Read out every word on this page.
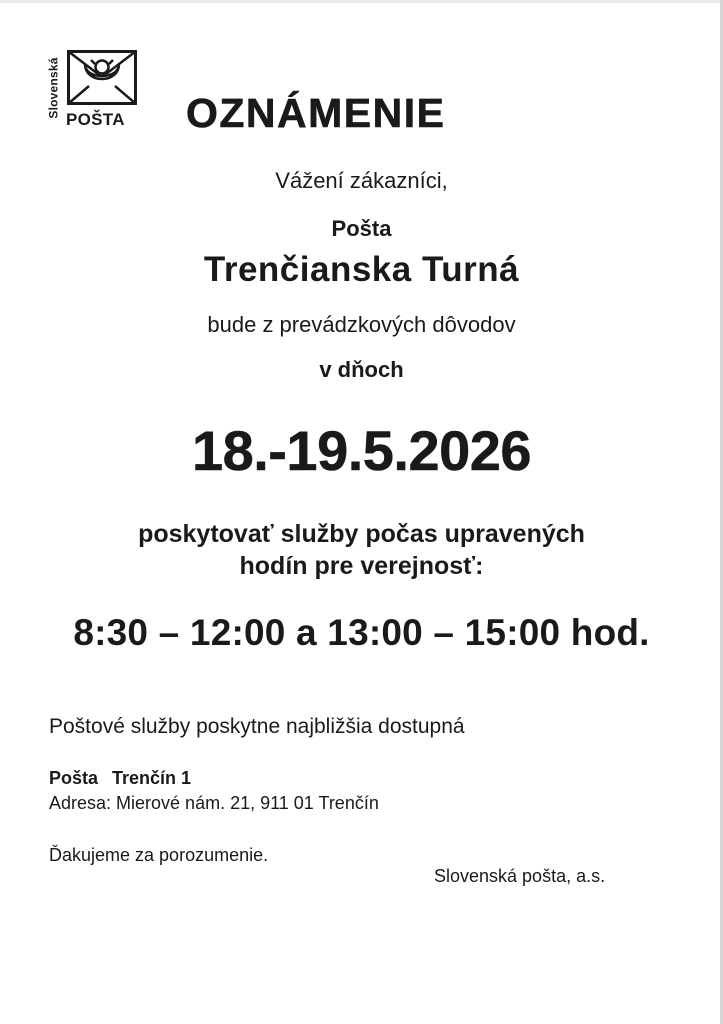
Slovenská
POŠTA OZNÁMENIE
Vážení zákazníci,
Pošta
Trenčianska Turná
bude z prevádzkových dôvodov
v dňoch
18.-19.5.2026
poskytovať služby počas upravených
hodín pre verejnosť:
8:30 – 12:00 a 13:00 – 15:00 hod.
Poštové služby poskytne najbližšia dostupná
Pošta Trenčín 1
Adresa: Mierové nám. 21, 911 01 Trenčín
Ďakujeme za porozumenie.
Slovenská pošta, a.s.
